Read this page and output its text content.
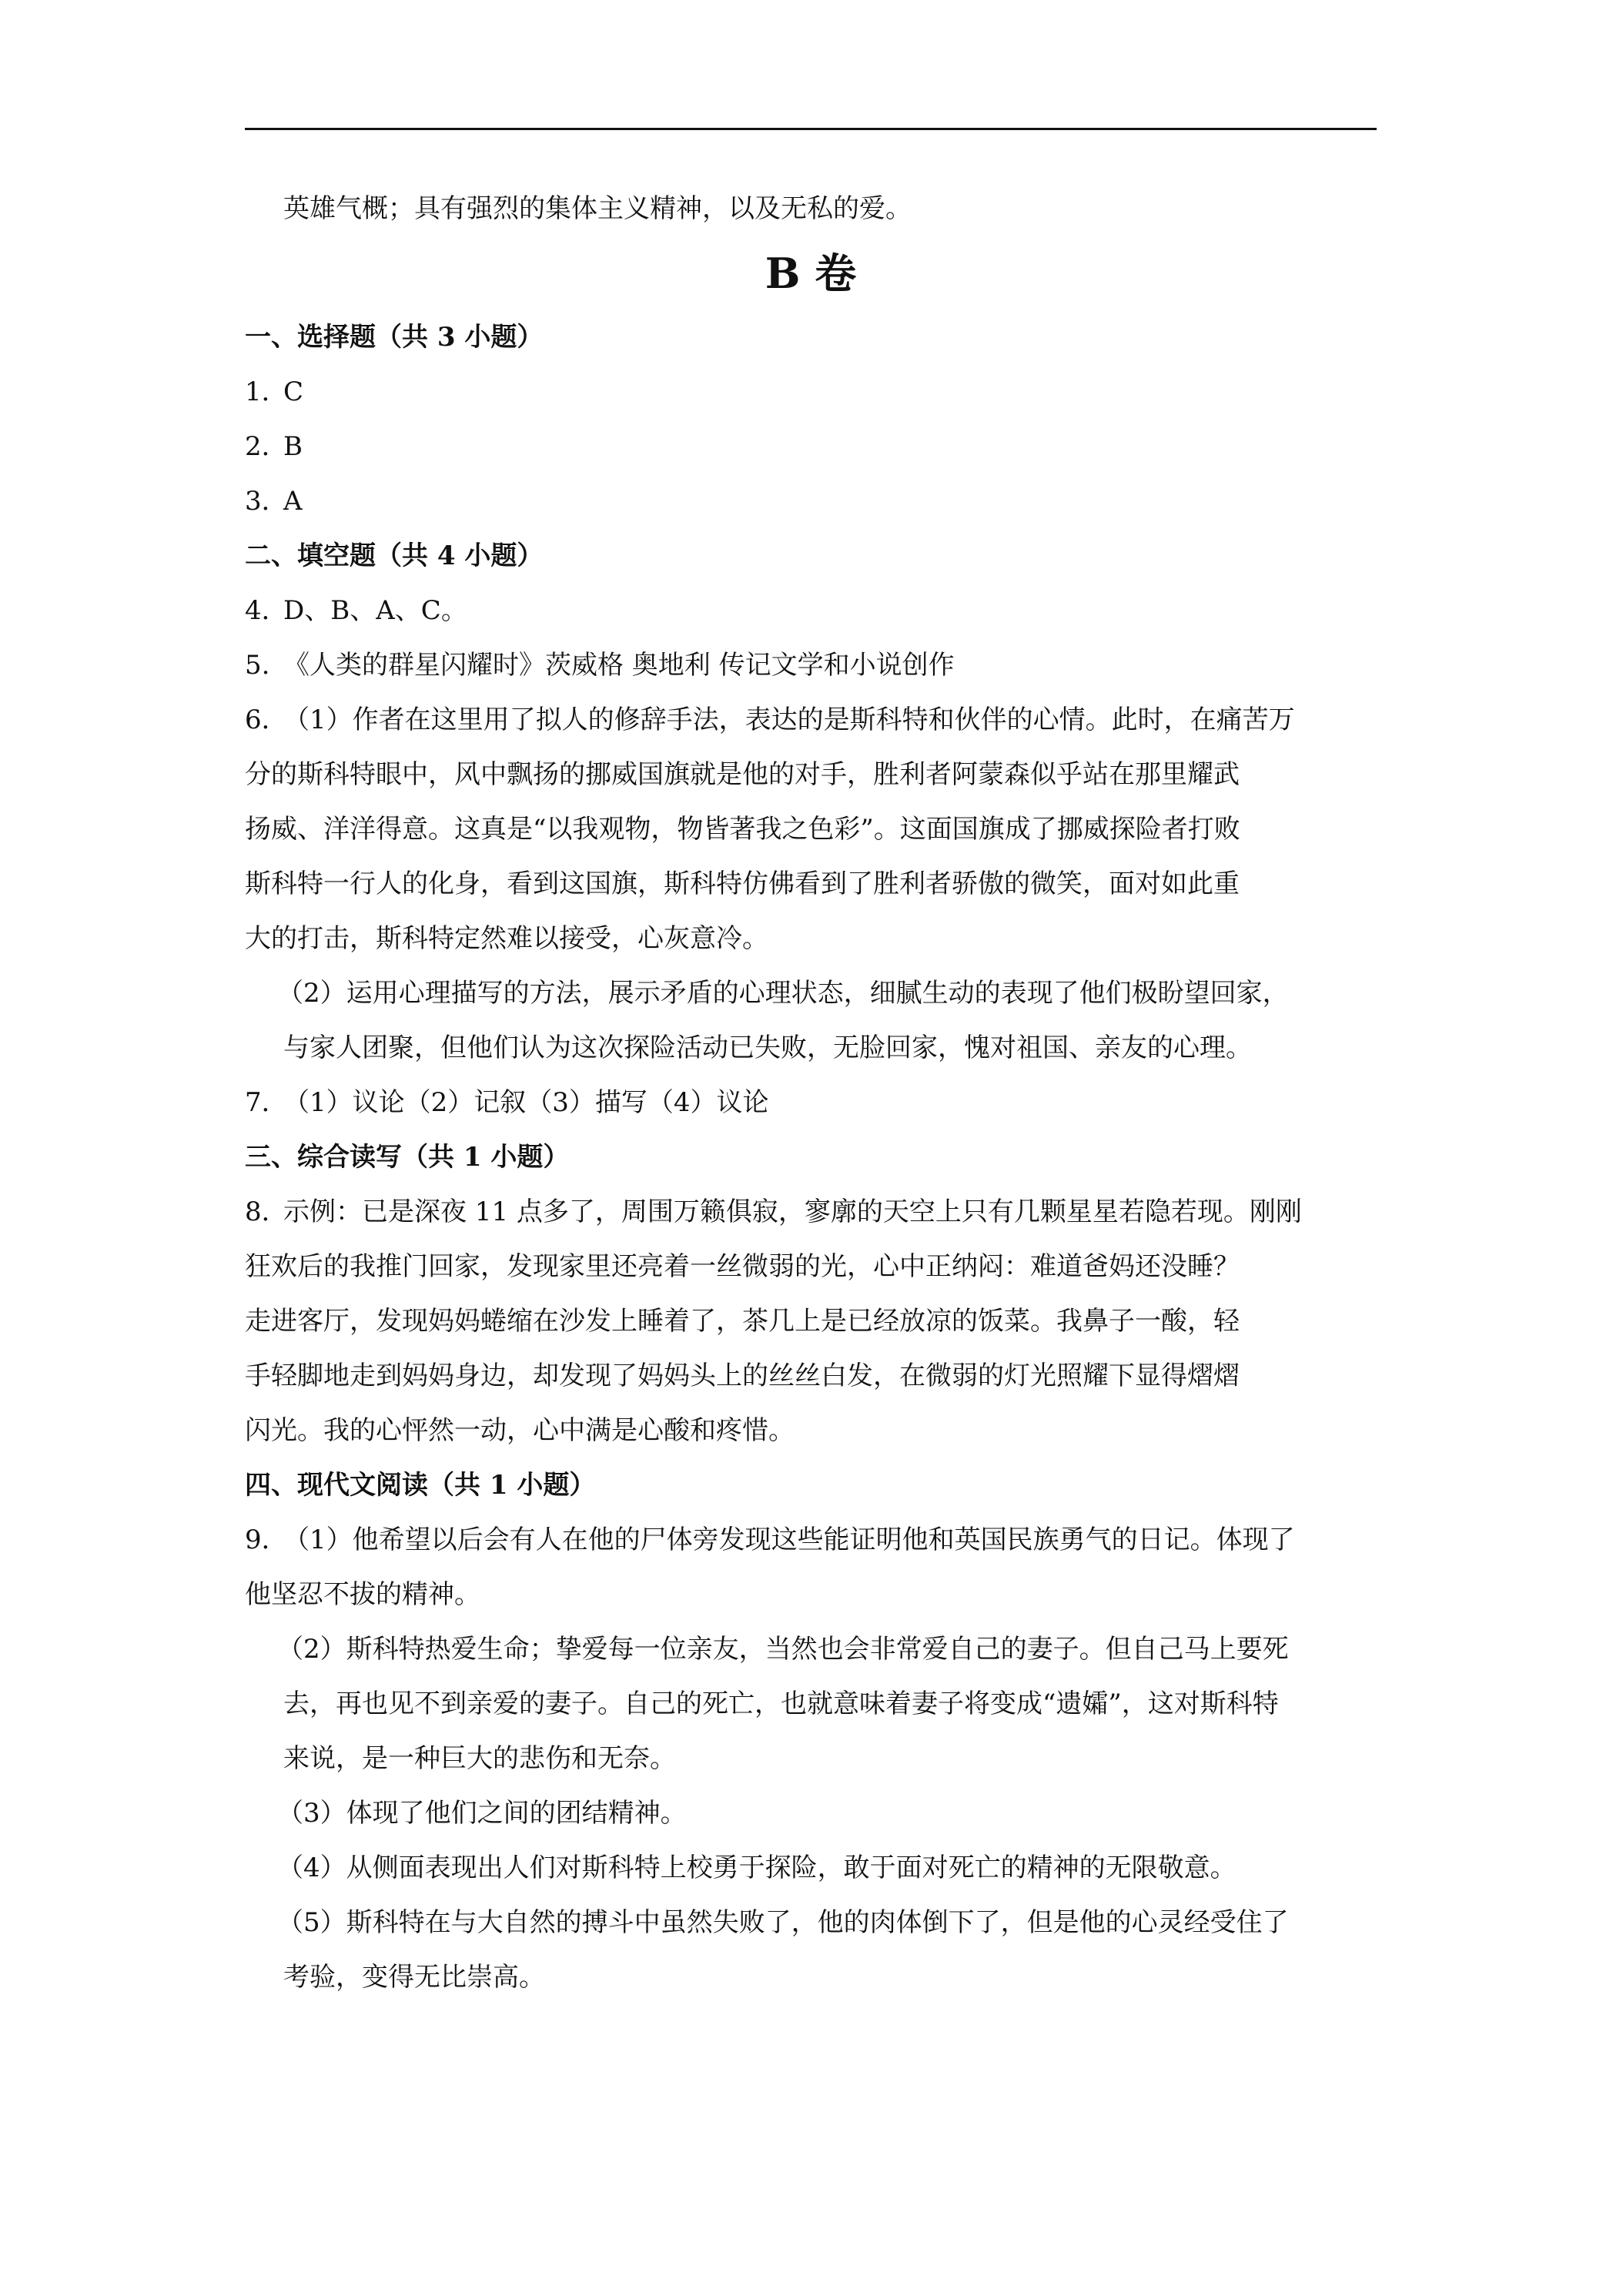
英雄气概；具有强烈的集体主义精神，以及无私的爱。

B 卷

一、选择题（共 3 小题）

1．C

2．B

3．A

二、填空题（共 4 小题）

4．D、B、A、C。

5. 《人类的群星闪耀时》茨威格 奥地利 传记文学和小说创作

6．（1）作者在这里用了拟人的修辞手法，表达的是斯科特和伙伴的心情。此时，在痛苦万
分的斯科特眼中，风中飘扬的挪威国旗就是他的对手，胜利者阿蒙森似乎站在那里耀武
扬威、洋洋得意。这真是“以我观物，物皆著我之色彩”。这面国旗成了挪威探险者打败
斯科特一行人的化身，看到这国旗，斯科特仿佛看到了胜利者骄傲的微笑，面对如此重
大的打击，斯科特定然难以接受，心灰意冷。
（2）运用心理描写的方法，展示矛盾的心理状态，细腻生动的表现了他们极盼望回家，
与家人团聚，但他们认为这次探险活动已失败，无脸回家，愧对祖国、亲友的心理。

7．（1）议论（2）记叙（3）描写（4）议论

三、综合读写（共 1 小题）

8．示例：已是深夜 11 点多了，周围万籁俱寂，寥廓的天空上只有几颗星星若隐若现。刚刚
狂欢后的我推门回家，发现家里还亮着一丝微弱的光，心中正纳闷：难道爸妈还没睡？
走进客厅，发现妈妈蜷缩在沙发上睡着了，茶几上是已经放凉的饭菜。我鼻子一酸，轻
手轻脚地走到妈妈身边，却发现了妈妈头上的丝丝白发，在微弱的灯光照耀下显得熠熠
闪光。我的心怦然一动，心中满是心酸和疼惜。

四、现代文阅读（共 1 小题）

9．（1）他希望以后会有人在他的尸体旁发现这些能证明他和英国民族勇气的日记。体现了
他坚忍不拔的精神。
（2）斯科特热爱生命；挚爱每一位亲友，当然也会非常爱自己的妻子。但自己马上要死
去，再也见不到亲爱的妻子。自己的死亡，也就意味着妻子将变成“遗孀”，这对斯科特
来说，是一种巨大的悲伤和无奈。
（3）体现了他们之间的团结精神。
（4）从侧面表现出人们对斯科特上校勇于探险，敢于面对死亡的精神的无限敬意。
（5）斯科特在与大自然的搏斗中虽然失败了，他的肉体倒下了，但是他的心灵经受住了
考验，变得无比崇高。
